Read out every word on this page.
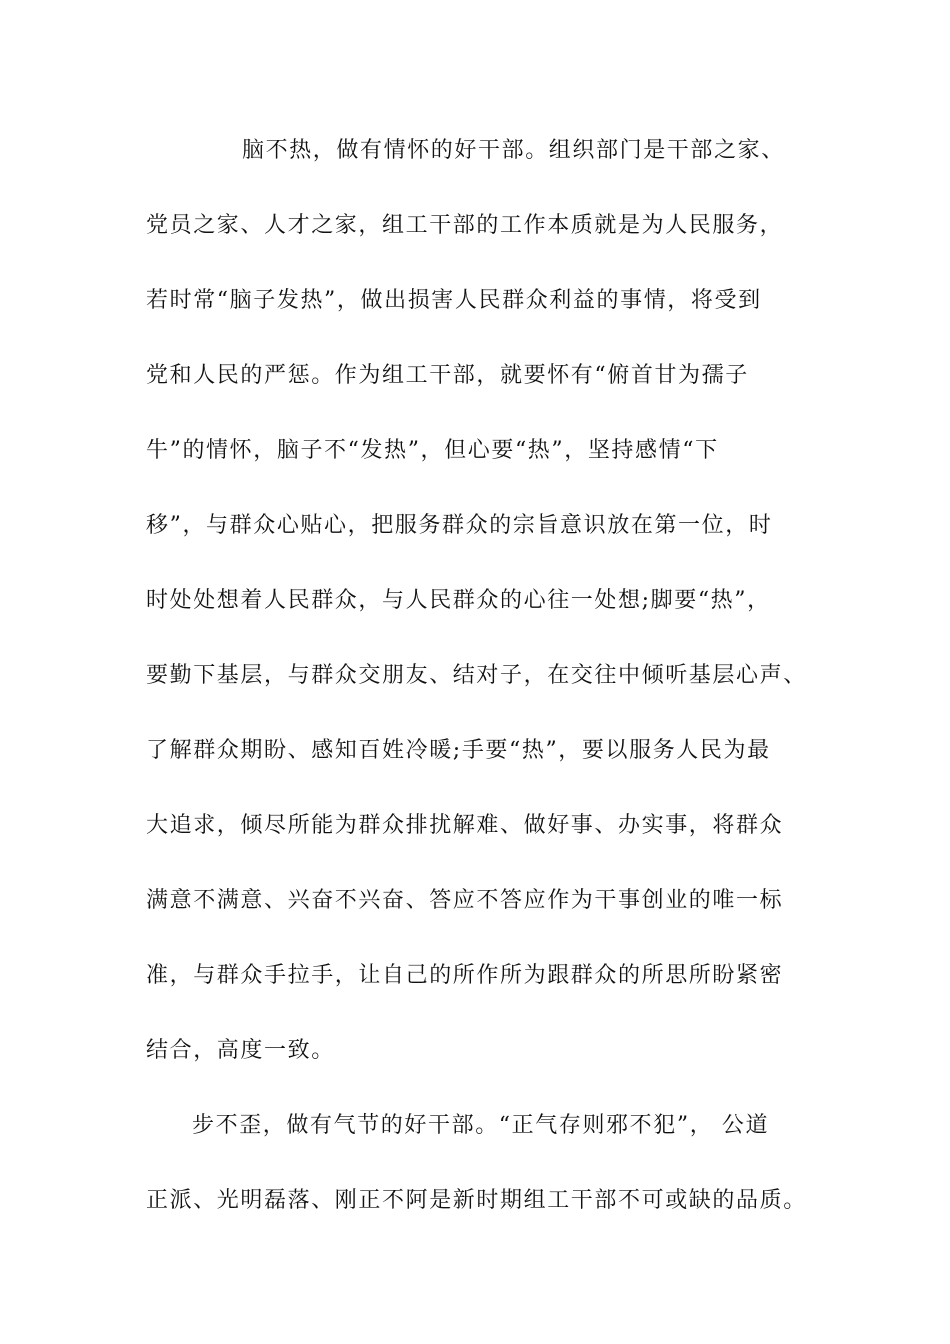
脑不热，做有情怀的好干部。组织部门是干部之家、
党员之家、人才之家，组工干部的工作本质就是为人民服务，
若时常“脑子发热”，做出损害人民群众利益的事情，将受到
党和人民的严惩。作为组工干部，就要怀有“俯首甘为孺子
牛”的情怀，脑子不“发热”，但心要“热”，坚持感情“下
移”，与群众心贴心，把服务群众的宗旨意识放在第一位，时
时处处想着人民群众，与人民群众的心往一处想;脚要“热”，
要勤下基层，与群众交朋友、结对子，在交往中倾听基层心声、
了解群众期盼、感知百姓冷暖;手要“热”，要以服务人民为最
大追求，倾尽所能为群众排扰解难、做好事、办实事，将群众
满意不满意、兴奋不兴奋、答应不答应作为干事创业的唯一标
准，与群众手拉手，让自己的所作所为跟群众的所思所盼紧密
结合，高度一致。
步不歪，做有气节的好干部。“正气存则邪不犯”， 公道
正派、光明磊落、刚正不阿是新时期组工干部不可或缺的品质。
